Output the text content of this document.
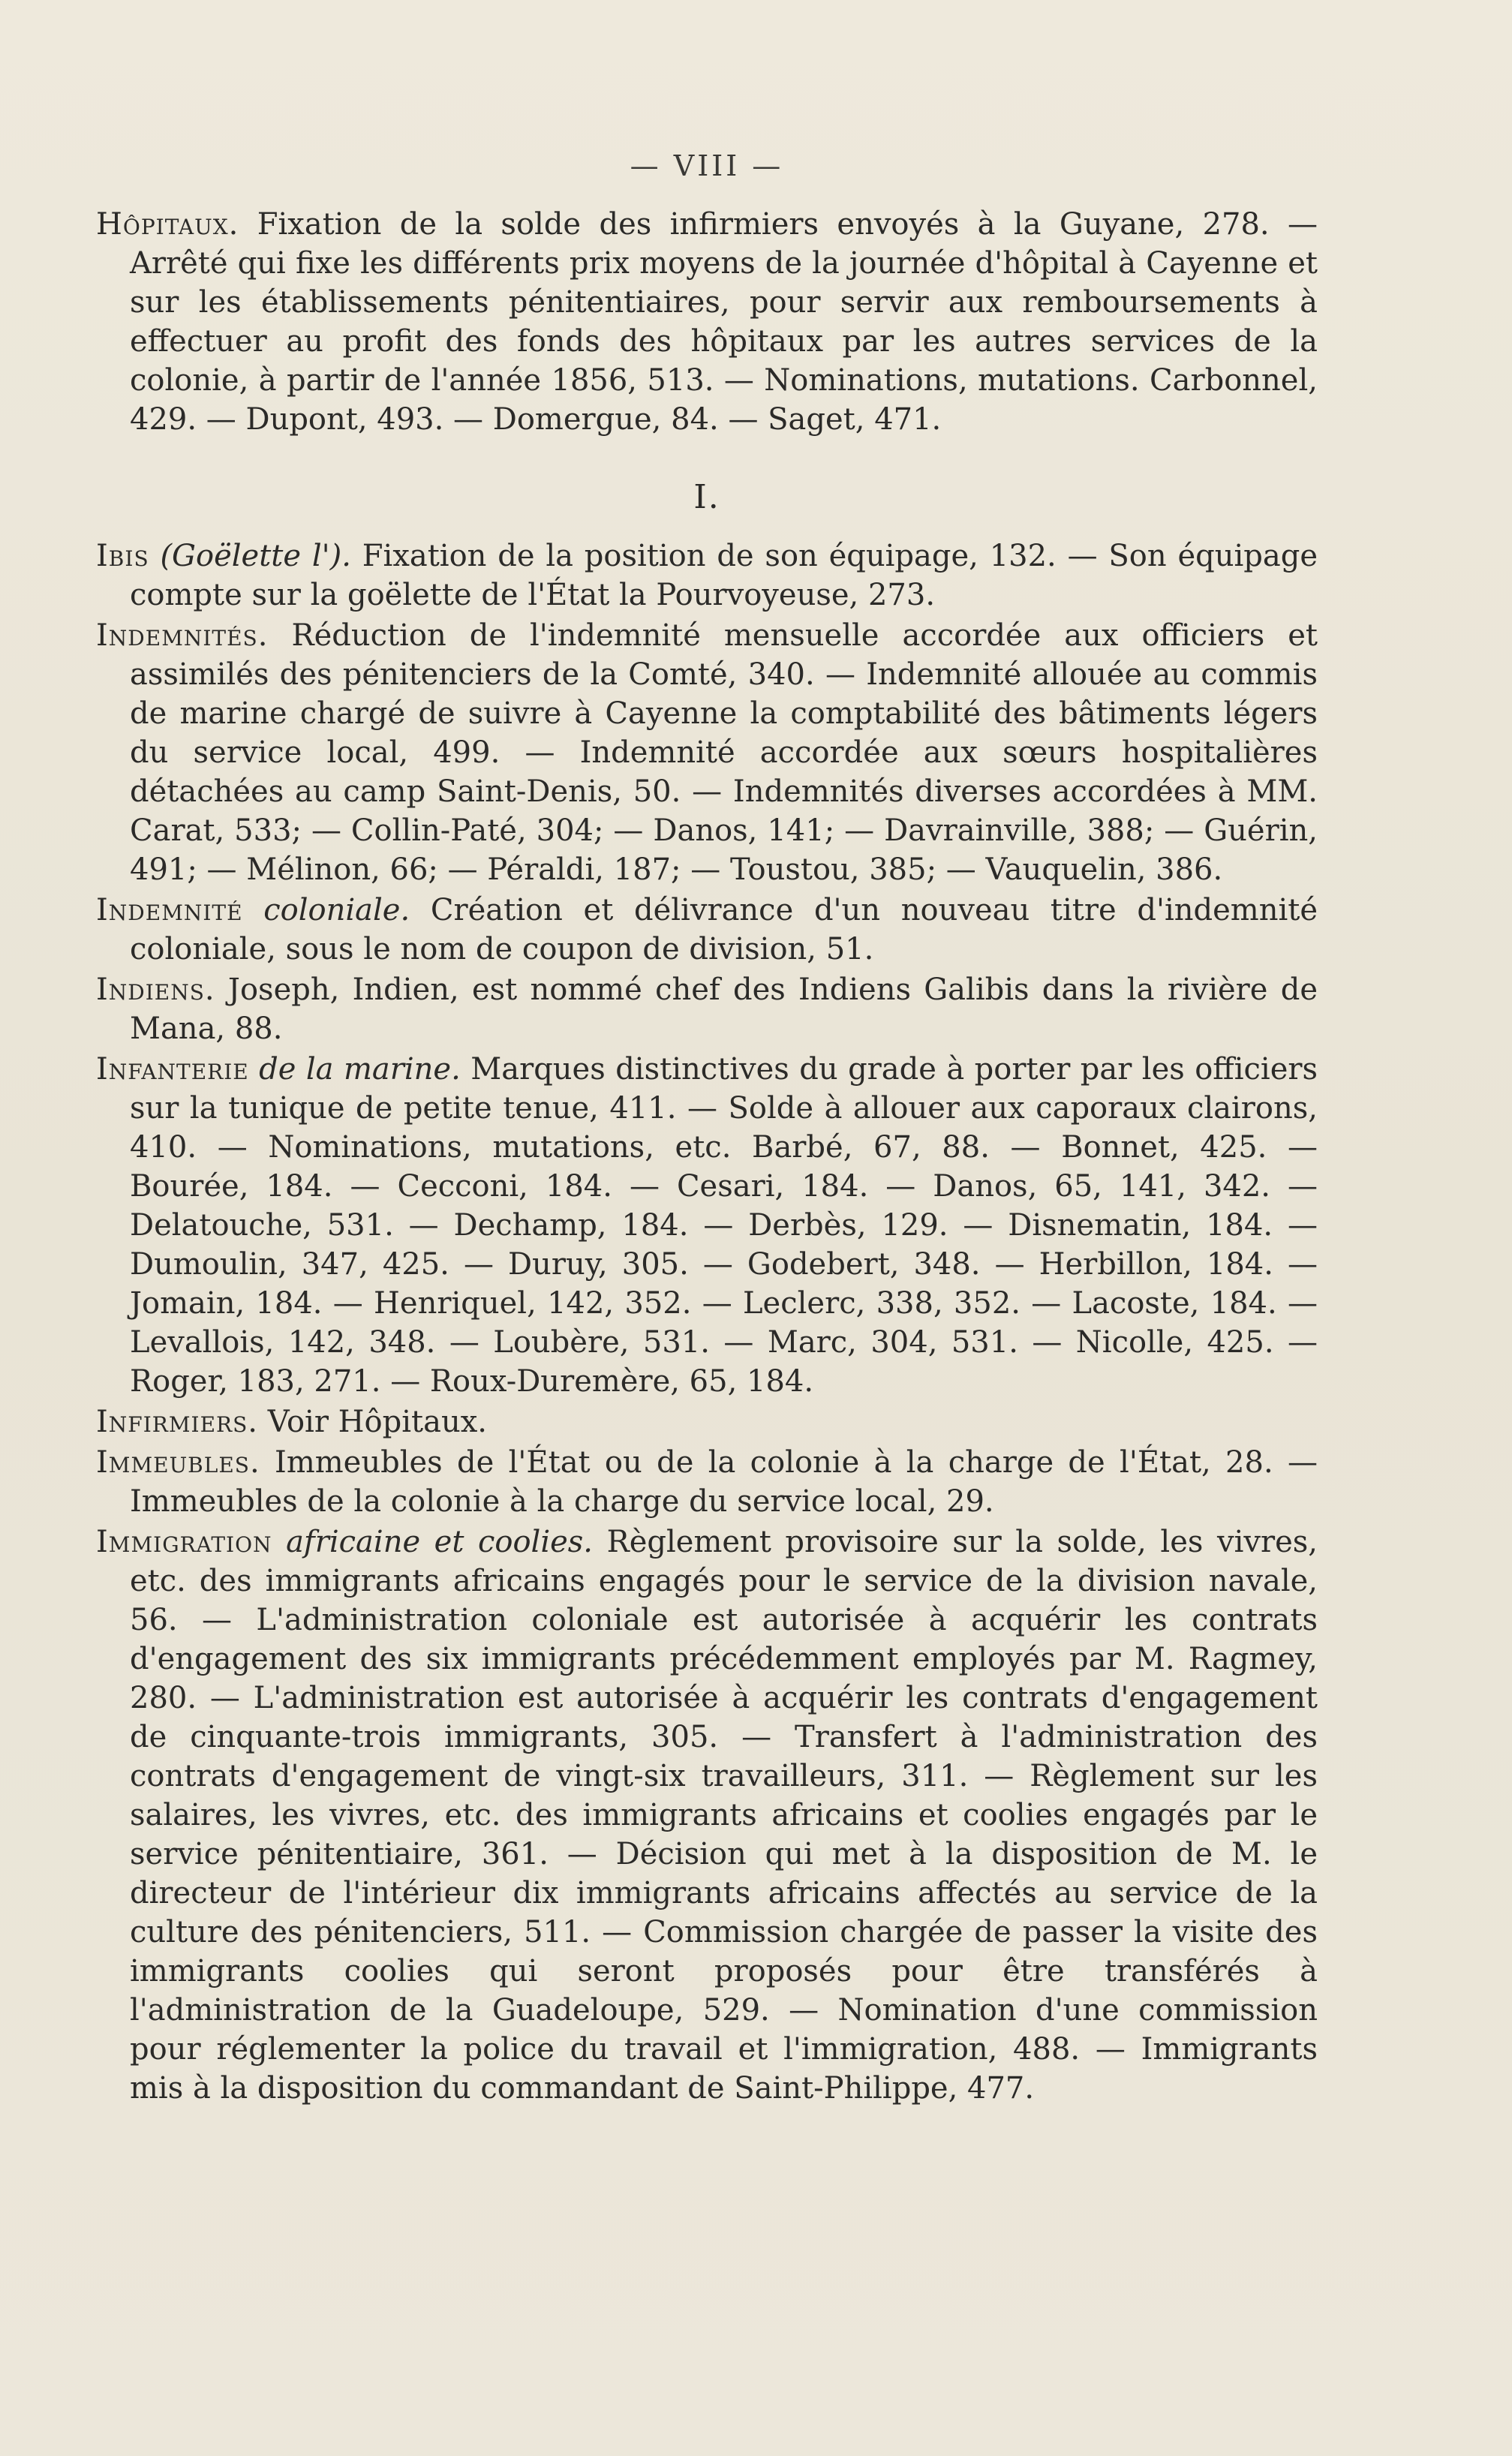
— VIII —

Hôpitaux. Fixation de la solde des infirmiers envoyés à la Guyane, 278. — Arrêté qui fixe les différents prix moyens de la journée d'hôpital à Cayenne et sur les établissements pénitentiaires, pour servir aux remboursements à effectuer au profit des fonds des hôpitaux par les autres services de la colonie, à partir de l'année 1856, 513. — Nominations, mutations. Carbonnel, 429. — Dupont, 493. — Domergue, 84. — Saget, 471.

I.

Ibis (Goëlette l'). Fixation de la position de son équipage, 132. — Son équipage compte sur la goëlette de l'État la Pourvoyeuse, 273.

Indemnités. Réduction de l'indemnité mensuelle accordée aux officiers et assimilés des pénitenciers de la Comté, 340. — Indemnité allouée au commis de marine chargé de suivre à Cayenne la comptabilité des bâtiments légers du service local, 499. — Indemnité accordée aux sœurs hospitalières détachées au camp Saint-Denis, 50. — Indemnités diverses accordées à MM. Carat, 533; — Collin-Paté, 304; — Danos, 141; — Davrainville, 388; — Guérin, 491; — Mélinon, 66; — Péraldi, 187; — Toustou, 385; — Vauquelin, 386.

Indemnité coloniale. Création et délivrance d'un nouveau titre d'indemnité coloniale, sous le nom de coupon de division, 51.

Indiens. Joseph, Indien, est nommé chef des Indiens Galibis dans la rivière de Mana, 88.

Infanterie de la marine. Marques distinctives du grade à porter par les officiers sur la tunique de petite tenue, 411. — Solde à allouer aux caporaux clairons, 410. — Nominations, mutations, etc. Barbé, 67, 88. — Bonnet, 425. — Bourée, 184. — Cecconi, 184. — Cesari, 184. — Danos, 65, 141, 342. — Delatouche, 531. — Dechamp, 184. — Derbès, 129. — Disnematin, 184. — Dumoulin, 347, 425. — Duruy, 305. — Godebert, 348. — Herbillon, 184. — Jomain, 184. — Henriquel, 142, 352. — Leclerc, 338, 352. — Lacoste, 184. — Levallois, 142, 348. — Loubère, 531. — Marc, 304, 531. — Nicolle, 425. — Roger, 183, 271. — Roux-Duremère, 65, 184.

Infirmiers. Voir Hôpitaux.

Immeubles. Immeubles de l'État ou de la colonie à la charge de l'État, 28. — Immeubles de la colonie à la charge du service local, 29.

Immigration africaine et coolies. Règlement provisoire sur la solde, les vivres, etc. des immigrants africains engagés pour le service de la division navale, 56. — L'administration coloniale est autorisée à acquérir les contrats d'engagement des six immigrants précédemment employés par M. Ragmey, 280. — L'administration est autorisée à acquérir les contrats d'engagement de cinquante-trois immigrants, 305. — Transfert à l'administration des contrats d'engagement de vingt-six travailleurs, 311. — Règlement sur les salaires, les vivres, etc. des immigrants africains et coolies engagés par le service pénitentiaire, 361. — Décision qui met à la disposition de M. le directeur de l'intérieur dix immigrants africains affectés au service de la culture des pénitenciers, 511. — Commission chargée de passer la visite des immigrants coolies qui seront proposés pour être transférés à l'administration de la Guadeloupe, 529. — Nomination d'une commission pour réglementer la police du travail et l'immigration, 488. — Immigrants mis à la disposition du commandant de Saint-Philippe, 477.
